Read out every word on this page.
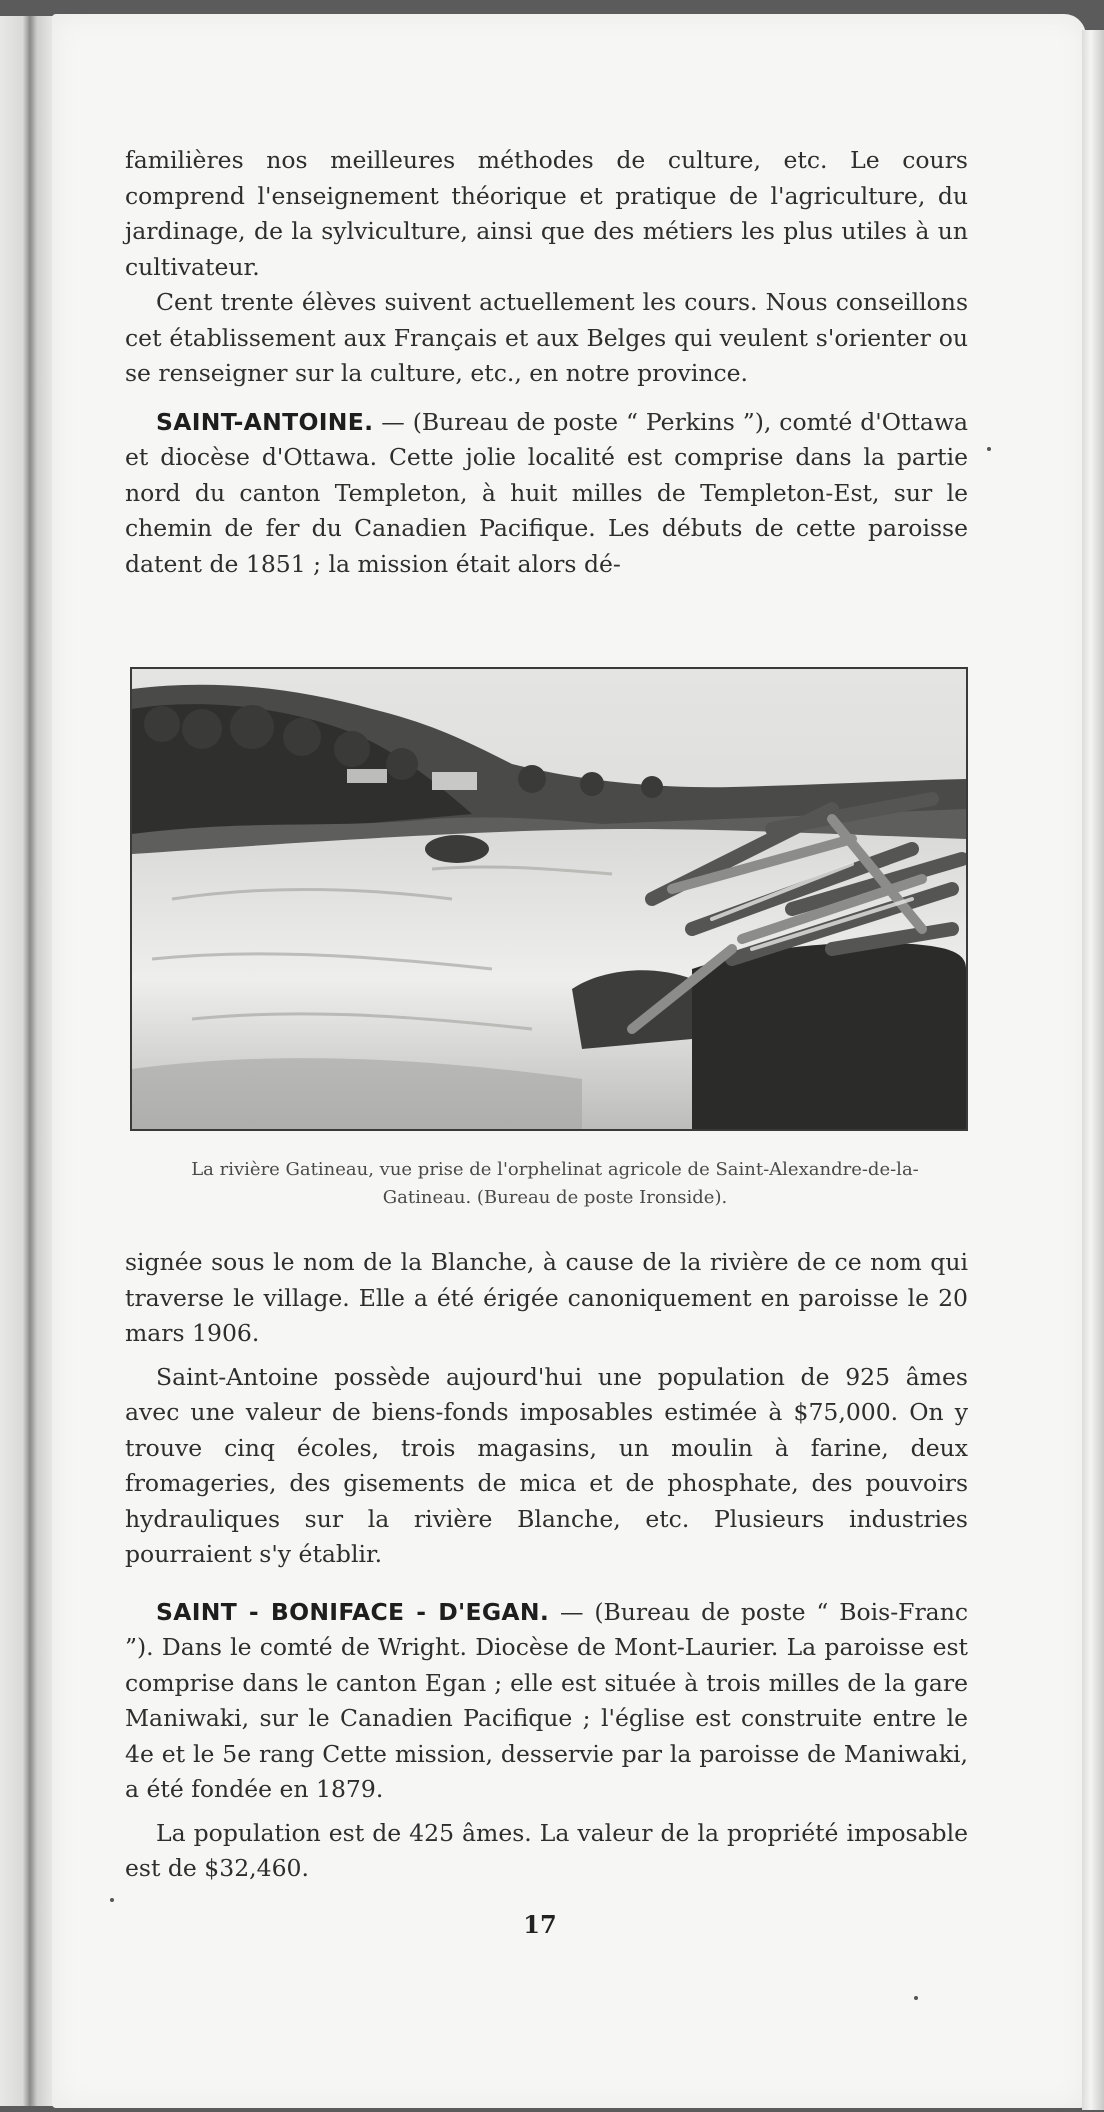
familières nos meilleures méthodes de culture, etc. Le cours comprend l'enseignement théorique et pratique de l'agriculture, du jardinage, de la sylviculture, ainsi que des métiers les plus utiles à un cultivateur.

Cent trente élèves suivent actuellement les cours. Nous conseillons cet établissement aux Français et aux Belges qui veulent s'orienter ou se renseigner sur la culture, etc., en notre province.

SAINT-ANTOINE. — (Bureau de poste “ Perkins ”), comté d'Ottawa et diocèse d'Ottawa. Cette jolie localité est comprise dans la partie nord du canton Templeton, à huit milles de Templeton-Est, sur le chemin de fer du Canadien Pacifique. Les débuts de cette paroisse datent de 1851 ; la mission était alors dé-

La rivière Gatineau, vue prise de l'orphelinat agricole de Saint-Alexandre-de-la-Gatineau. (Bureau de poste Ironside).

signée sous le nom de la Blanche, à cause de la rivière de ce nom qui traverse le village. Elle a été érigée canoniquement en paroisse le 20 mars 1906.

Saint-Antoine possède aujourd'hui une population de 925 âmes avec une valeur de biens-fonds imposables estimée à $75,000. On y trouve cinq écoles, trois magasins, un moulin à farine, deux fromageries, des gisements de mica et de phosphate, des pouvoirs hydrauliques sur la rivière Blanche, etc. Plusieurs industries pourraient s'y établir.

SAINT - BONIFACE - D'EGAN. — (Bureau de poste “ Bois-Franc ”). Dans le comté de Wright. Diocèse de Mont-Laurier. La paroisse est comprise dans le canton Egan ; elle est située à trois milles de la gare Maniwaki, sur le Canadien Pacifique ; l'église est construite entre le 4e et le 5e rang Cette mission, desservie par la paroisse de Maniwaki, a été fondée en 1879.

La population est de 425 âmes. La valeur de la propriété imposable est de $32,460.

17
